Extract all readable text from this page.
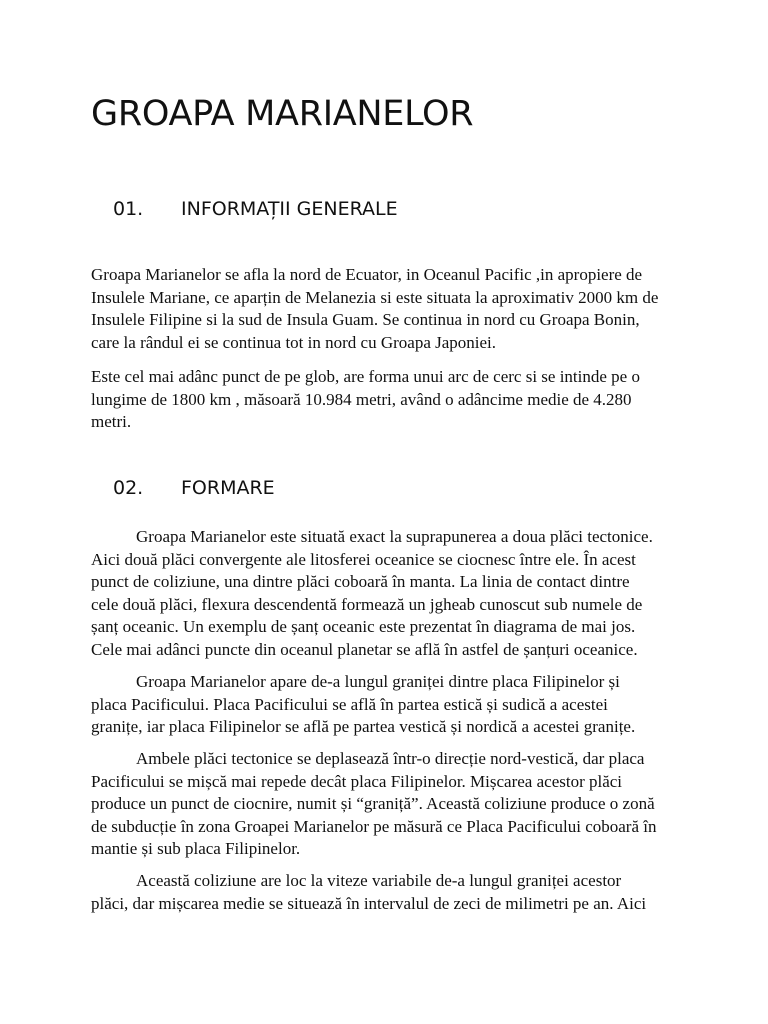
GROAPA MARIANELOR
01. INFORMAȚII GENERALE

Groapa Marianelor se afla la nord de Ecuator, in Oceanul Pacific ,in apropiere de
Insulele Mariane, ce aparțin de Melanezia si este situata la aproximativ 2000 km de
Insulele Filipine si la sud de Insula Guam. Se continua in nord cu Groapa Bonin,
care la rândul ei se continua tot in nord cu Groapa Japoniei.

Este cel mai adânc punct de pe glob, are forma unui arc de cerc si se intinde pe o
lungime de 1800 km , măsoară 10.984 metri, având o adâncime medie de 4.280
metri.

02. FORMARE

Groapa Marianelor este situată exact la suprapunerea a doua plăci tectonice.
Aici două plăci convergente ale litosferei oceanice se ciocnesc între ele. În acest
punct de coliziune, una dintre plăci coboară în manta. La linia de contact dintre
cele două plăci, flexura descendentă formează un jgheab cunoscut sub numele de
șanț oceanic. Un exemplu de șanț oceanic este prezentat în diagrama de mai jos.
Cele mai adânci puncte din oceanul planetar se află în astfel de șanțuri oceanice.

Groapa Marianelor apare de-a lungul graniței dintre placa Filipinelor și
placa Pacificului. Placa Pacificului se află în partea estică și sudică a acestei
granițe, iar placa Filipinelor se află pe partea vestică și nordică a acestei granițe.

Ambele plăci tectonice se deplasează într-o direcție nord-vestică, dar placa
Pacificului se mișcă mai repede decât placa Filipinelor. Mișcarea acestor plăci
produce un punct de ciocnire, numit și “graniță”. Această coliziune produce o zonă
de subducție în zona Groapei Marianelor pe măsură ce Placa Pacificului coboară în
mantie și sub placa Filipinelor.

Această coliziune are loc la viteze variabile de-a lungul graniței acestor
plăci, dar mișcarea medie se situează în intervalul de zeci de milimetri pe an. Aici
